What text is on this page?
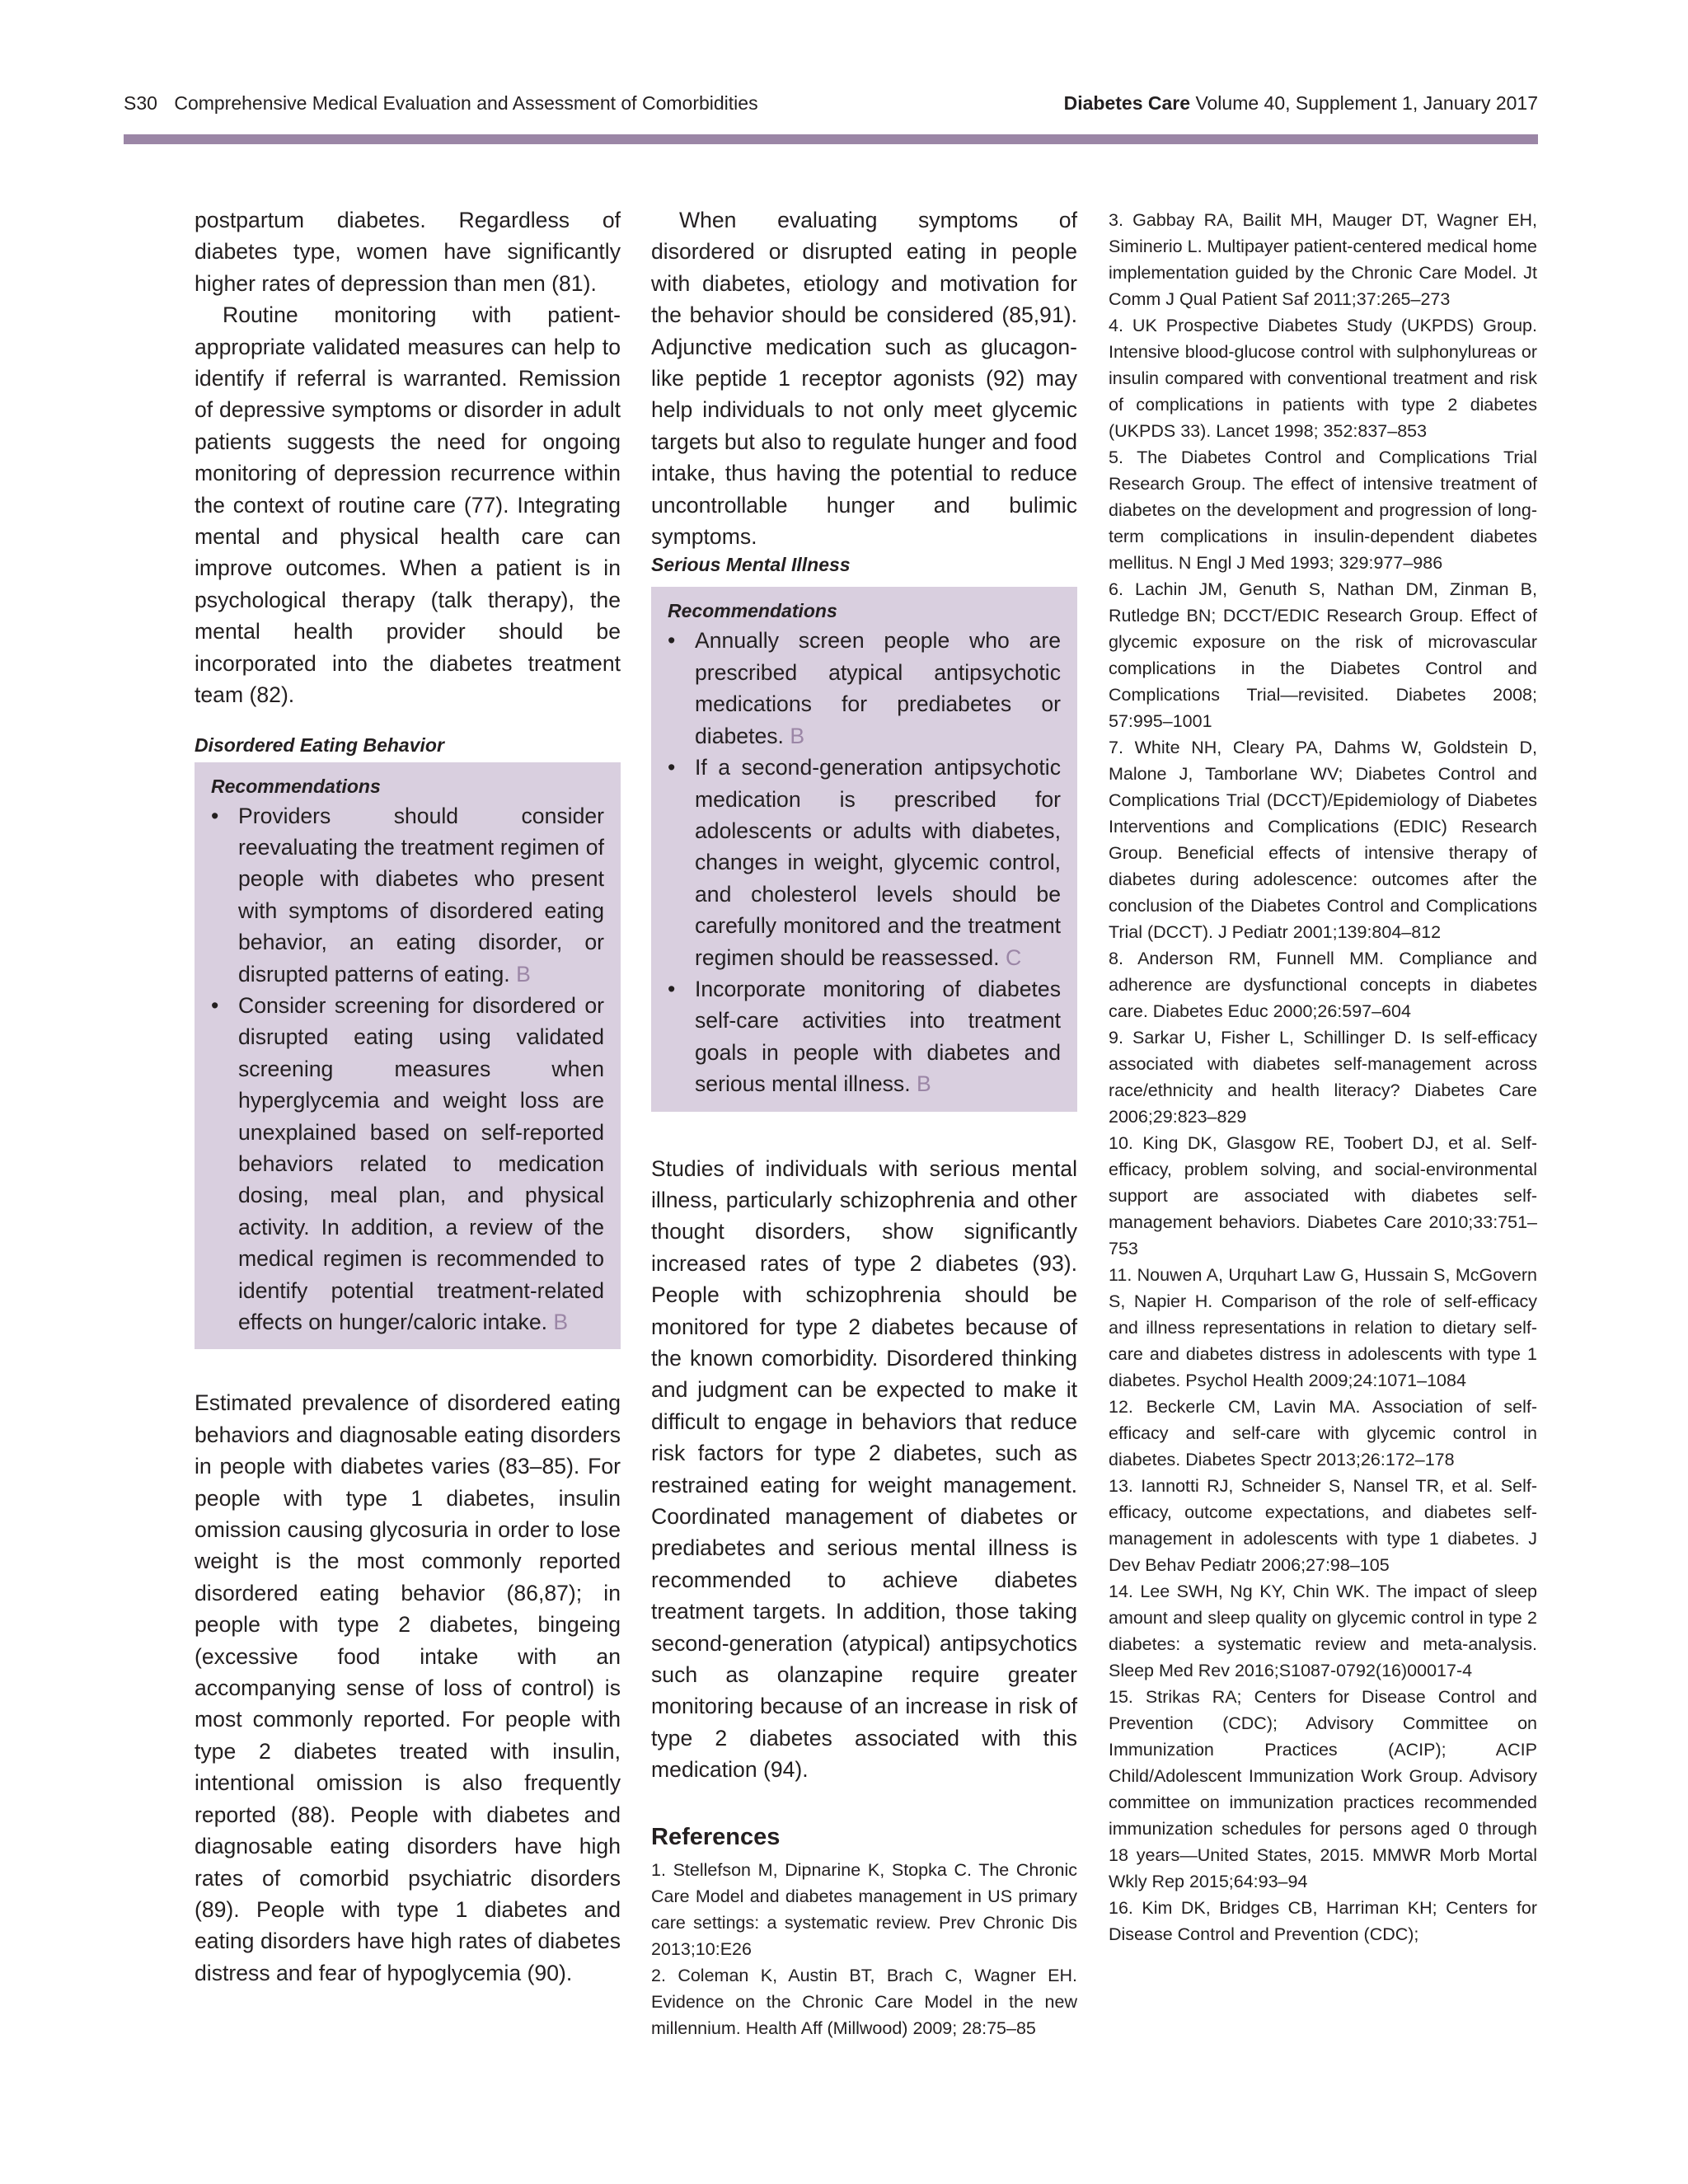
S30 Comprehensive Medical Evaluation and Assessment of Comorbidities	Diabetes Care Volume 40, Supplement 1, January 2017

postpartum diabetes. Regardless of diabetes type, women have significantly higher rates of depression than men (81).

Routine monitoring with patient-appropriate validated measures can help to identify if referral is warranted. Remission of depressive symptoms or disorder in adult patients suggests the need for ongoing monitoring of depression recurrence within the context of routine care (77). Integrating mental and physical health care can improve outcomes. When a patient is in psychological therapy (talk therapy), the mental health provider should be incorporated into the diabetes treatment team (82).

Disordered Eating Behavior
Recommendations
• Providers should consider reevaluating the treatment regimen of people with diabetes who present with symptoms of disordered eating behavior, an eating disorder, or disrupted patterns of eating. B
• Consider screening for disordered or disrupted eating using validated screening measures when hyperglycemia and weight loss are unexplained based on self-reported behaviors related to medication dosing, meal plan, and physical activity. In addition, a review of the medical regimen is recommended to identify potential treatment-related effects on hunger/caloric intake. B

Estimated prevalence of disordered eating behaviors and diagnosable eating disorders in people with diabetes varies (83–85). For people with type 1 diabetes, insulin omission causing glycosuria in order to lose weight is the most commonly reported disordered eating behavior (86,87); in people with type 2 diabetes, bingeing (excessive food intake with an accompanying sense of loss of control) is most commonly reported. For people with type 2 diabetes treated with insulin, intentional omission is also frequently reported (88). People with diabetes and diagnosable eating disorders have high rates of comorbid psychiatric disorders (89). People with type 1 diabetes and eating disorders have high rates of diabetes distress and fear of hypoglycemia (90).

When evaluating symptoms of disordered or disrupted eating in people with diabetes, etiology and motivation for the behavior should be considered (85,91). Adjunctive medication such as glucagon-like peptide 1 receptor agonists (92) may help individuals to not only meet glycemic targets but also to regulate hunger and food intake, thus having the potential to reduce uncontrollable hunger and bulimic symptoms.

Serious Mental Illness
Recommendations
• Annually screen people who are prescribed atypical antipsychotic medications for prediabetes or diabetes. B
• If a second-generation antipsychotic medication is prescribed for adolescents or adults with diabetes, changes in weight, glycemic control, and cholesterol levels should be carefully monitored and the treatment regimen should be reassessed. C
• Incorporate monitoring of diabetes self-care activities into treatment goals in people with diabetes and serious mental illness. B

Studies of individuals with serious mental illness, particularly schizophrenia and other thought disorders, show significantly increased rates of type 2 diabetes (93). People with schizophrenia should be monitored for type 2 diabetes because of the known comorbidity. Disordered thinking and judgment can be expected to make it difficult to engage in behaviors that reduce risk factors for type 2 diabetes, such as restrained eating for weight management. Coordinated management of diabetes or prediabetes and serious mental illness is recommended to achieve diabetes treatment targets. In addition, those taking second-generation (atypical) antipsychotics such as olanzapine require greater monitoring because of an increase in risk of type 2 diabetes associated with this medication (94).

References

1. Stellefson M, Dipnarine K, Stopka C. The Chronic Care Model and diabetes management in US primary care settings: a systematic review. Prev Chronic Dis 2013;10:E26

2. Coleman K, Austin BT, Brach C, Wagner EH. Evidence on the Chronic Care Model in the new millennium. Health Aff (Millwood) 2009; 28:75–85

3. Gabbay RA, Bailit MH, Mauger DT, Wagner EH, Siminerio L. Multipayer patient-centered medical home implementation guided by the Chronic Care Model. Jt Comm J Qual Patient Saf 2011;37:265–273

4. UK Prospective Diabetes Study (UKPDS) Group. Intensive blood-glucose control with sulphonylureas or insulin compared with conventional treatment and risk of complications in patients with type 2 diabetes (UKPDS 33). Lancet 1998; 352:837–853

5. The Diabetes Control and Complications Trial Research Group. The effect of intensive treatment of diabetes on the development and progression of long-term complications in insulin-dependent diabetes mellitus. N Engl J Med 1993; 329:977–986

6. Lachin JM, Genuth S, Nathan DM, Zinman B, Rutledge BN; DCCT/EDIC Research Group. Effect of glycemic exposure on the risk of microvascular complications in the Diabetes Control and Complications Trial—revisited. Diabetes 2008; 57:995–1001

7. White NH, Cleary PA, Dahms W, Goldstein D, Malone J, Tamborlane WV; Diabetes Control and Complications Trial (DCCT)/Epidemiology of Diabetes Interventions and Complications (EDIC) Research Group. Beneficial effects of intensive therapy of diabetes during adolescence: outcomes after the conclusion of the Diabetes Control and Complications Trial (DCCT). J Pediatr 2001;139:804–812

8. Anderson RM, Funnell MM. Compliance and adherence are dysfunctional concepts in diabetes care. Diabetes Educ 2000;26:597–604

9. Sarkar U, Fisher L, Schillinger D. Is self-efficacy associated with diabetes self-management across race/ethnicity and health literacy? Diabetes Care 2006;29:823–829

10. King DK, Glasgow RE, Toobert DJ, et al. Self-efficacy, problem solving, and social-environmental support are associated with diabetes self-management behaviors. Diabetes Care 2010;33:751–753

11. Nouwen A, Urquhart Law G, Hussain S, McGovern S, Napier H. Comparison of the role of self-efficacy and illness representations in relation to dietary self-care and diabetes distress in adolescents with type 1 diabetes. Psychol Health 2009;24:1071–1084

12. Beckerle CM, Lavin MA. Association of self-efficacy and self-care with glycemic control in diabetes. Diabetes Spectr 2013;26:172–178

13. Iannotti RJ, Schneider S, Nansel TR, et al. Self-efficacy, outcome expectations, and diabetes self-management in adolescents with type 1 diabetes. J Dev Behav Pediatr 2006;27:98–105

14. Lee SWH, Ng KY, Chin WK. The impact of sleep amount and sleep quality on glycemic control in type 2 diabetes: a systematic review and meta-analysis. Sleep Med Rev 2016;S1087-0792(16)00017-4

15. Strikas RA; Centers for Disease Control and Prevention (CDC); Advisory Committee on Immunization Practices (ACIP); ACIP Child/Adolescent Immunization Work Group. Advisory committee on immunization practices recommended immunization schedules for persons aged 0 through 18 years—United States, 2015. MMWR Morb Mortal Wkly Rep 2015;64:93–94

16. Kim DK, Bridges CB, Harriman KH; Centers for Disease Control and Prevention (CDC);
